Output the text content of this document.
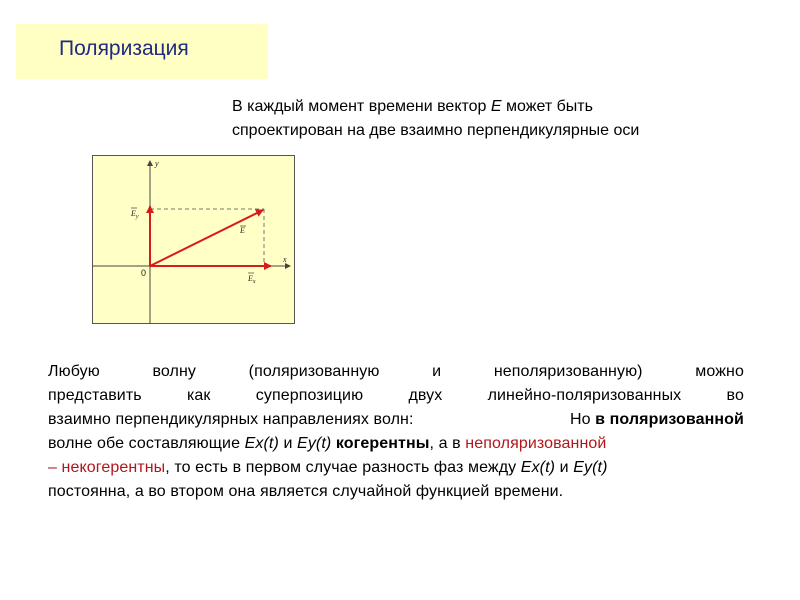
Поляризация
В каждый момент времени вектор E может быть
спроектирован на две взаимно перпендикулярные оси
y
x
0
$E_y$
E
$E_x$
Любую	волну	(поляризованную	и	неполяризованную)	можно
представить	как	суперпозицию	двух	линейно-поляризованных	во
взаимно перпендикулярных направлениях волн:	Но в поляризованной
волне обе составляющие Ex(t) и Ey(t) когерентны, а в неполяризованной
– некогерентны, то есть в первом случае разность фаз между Ex(t) и Ey(t)
постоянна, а во втором она является случайной функцией времени.
